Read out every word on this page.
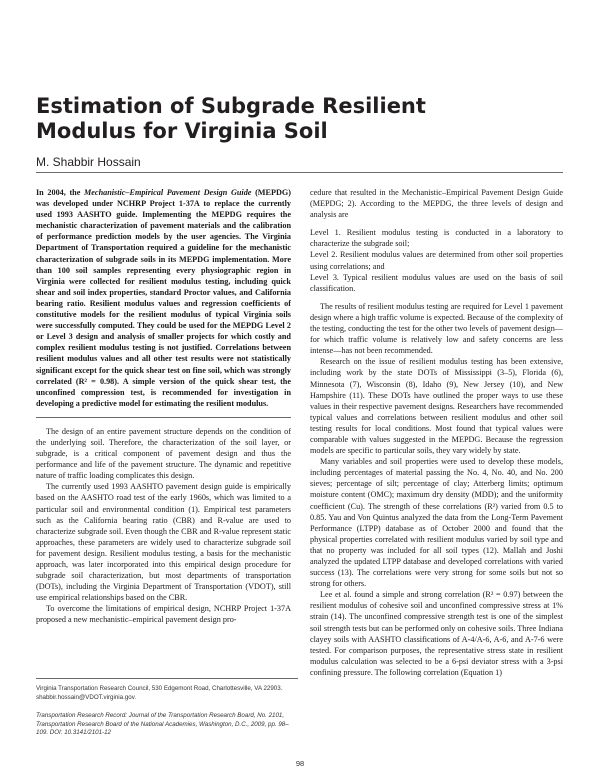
Estimation of Subgrade Resilient Modulus for Virginia Soil
M. Shabbir Hossain

In 2004, the Mechanistic–Empirical Pavement Design Guide (MEPDG) was developed under NCHRP Project 1-37A to replace the currently used 1993 AASHTO guide. Implementing the MEPDG requires the mechanistic characterization of pavement materials and the calibration of performance prediction models by the user agencies. The Virginia Department of Transportation required a guideline for the mechanistic characterization of subgrade soils in its MEPDG implementation. More than 100 soil samples representing every physiographic region in Virginia were collected for resilient modulus testing, including quick shear and soil index properties, standard Proctor values, and California bearing ratio. Resilient modulus values and regression coefficients of constitutive models for the resilient modulus of typical Virginia soils were successfully computed. They could be used for the MEPDG Level 2 or Level 3 design and analysis of smaller projects for which costly and complex resilient modulus testing is not justified. Correlations between resilient modulus values and all other test results were not statistically significant except for the quick shear test on fine soil, which was strongly correlated (R² = 0.98). A simple version of the quick shear test, the unconfined compression test, is recommended for investigation in developing a predictive model for estimating the resilient modulus.

The design of an entire pavement structure depends on the condition of the underlying soil. Therefore, the characterization of the soil layer, or subgrade, is a critical component of pavement design and thus the performance and life of the pavement structure. The dynamic and repetitive nature of traffic loading complicates this design.

The currently used 1993 AASHTO pavement design guide is empirically based on the AASHTO road test of the early 1960s, which was limited to a particular soil and environmental condition (1). Empirical test parameters such as the California bearing ratio (CBR) and R-value are used to characterize subgrade soil. Even though the CBR and R-value represent static approaches, these parameters are widely used to characterize subgrade soil for pavement design. Resilient modulus testing, a basis for the mechanistic approach, was later incorporated into this empirical design procedure for subgrade soil characterization, but most departments of transportation (DOTs), including the Virginia Department of Transportation (VDOT), still use empirical relationships based on the CBR.

To overcome the limitations of empirical design, NCHRP Project 1-37A proposed a new mechanistic–empirical pavement design pro-

cedure that resulted in the Mechanistic–Empirical Pavement Design Guide (MEPDG; 2). According to the MEPDG, the three levels of design and analysis are

Level 1. Resilient modulus testing is conducted in a laboratory to characterize the subgrade soil;

Level 2. Resilient modulus values are determined from other soil properties using correlations; and

Level 3. Typical resilient modulus values are used on the basis of soil classification.

The results of resilient modulus testing are required for Level 1 pavement design where a high traffic volume is expected. Because of the complexity of the testing, conducting the test for the other two levels of pavement design—for which traffic volume is relatively low and safety concerns are less intense—has not been recommended.

Research on the issue of resilient modulus testing has been extensive, including work by the state DOTs of Mississippi (3–5), Florida (6), Minnesota (7), Wisconsin (8), Idaho (9), New Jersey (10), and New Hampshire (11). These DOTs have outlined the proper ways to use these values in their respective pavement designs. Researchers have recommended typical values and correlations between resilient modulus and other soil testing results for local conditions. Most found that typical values were comparable with values suggested in the MEPDG. Because the regression models are specific to particular soils, they vary widely by state.

Many variables and soil properties were used to develop these models, including percentages of material passing the No. 4, No. 40, and No. 200 sieves; percentage of silt; percentage of clay; Atterberg limits; optimum moisture content (OMC); maximum dry density (MDD); and the uniformity coefficient (Cu). The strength of these correlations (R²) varied from 0.5 to 0.85. Yau and Von Quintus analyzed the data from the Long-Term Pavement Performance (LTPP) database as of October 2000 and found that the physical properties correlated with resilient modulus varied by soil type and that no property was included for all soil types (12). Mallah and Joshi analyzed the updated LTPP database and developed correlations with varied success (13). The correlations were very strong for some soils but not so strong for others.

Lee et al. found a simple and strong correlation (R² = 0.97) between the resilient modulus of cohesive soil and unconfined compressive stress at 1% strain (14). The unconfined compressive strength test is one of the simplest soil strength tests but can be performed only on cohesive soils. Three Indiana clayey soils with AASHTO classifications of A-4/A-6, A-6, and A-7-6 were tested. For comparison purposes, the representative stress state in resilient modulus calculation was selected to be a 6-psi deviator stress with a 3-psi confining pressure. The following correlation (Equation 1)

Virginia Transportation Research Council, 530 Edgemont Road, Charlottesville, VA 22903. shabbir.hossain@VDOT.virginia.gov.

Transportation Research Record: Journal of the Transportation Research Board, No. 2101, Transportation Research Board of the National Academies, Washington, D.C., 2009, pp. 98–109. DOI: 10.3141/2101-12

98
